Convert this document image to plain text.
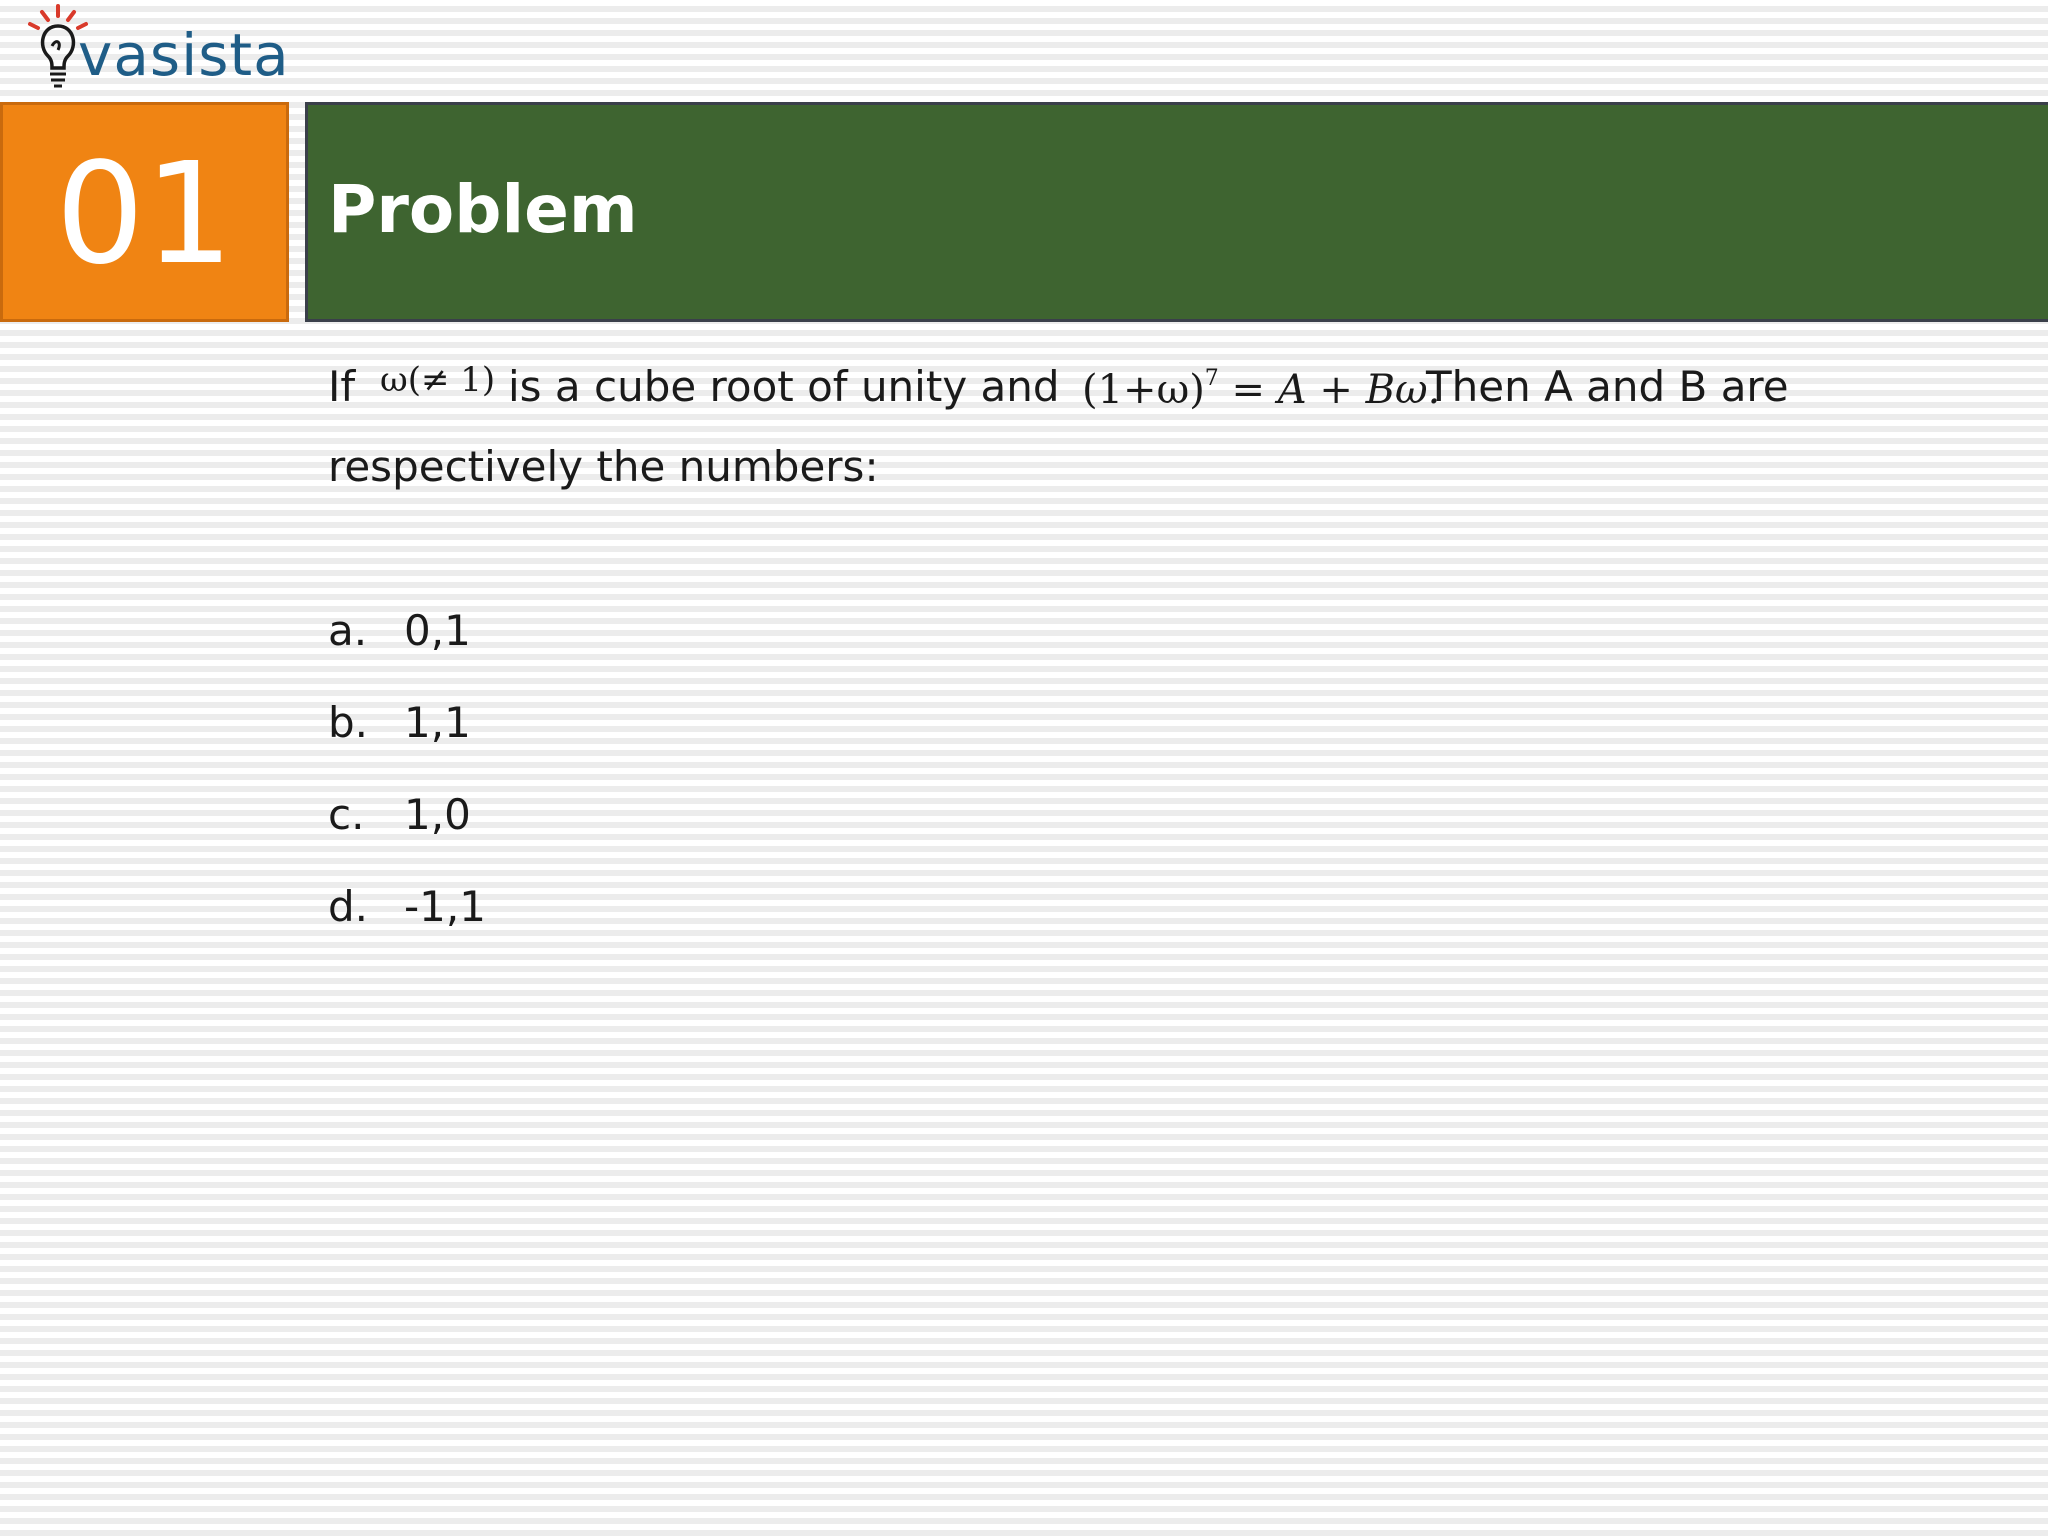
vasista
01 Problem
If ω(≠ 1) is a cube root of unity and $(1+\omega)^7 = A + B\omega$.
Then A and B are
respectively the numbers:
a. 0,1
b. 1,1
c. 1,0
d. -1,1
